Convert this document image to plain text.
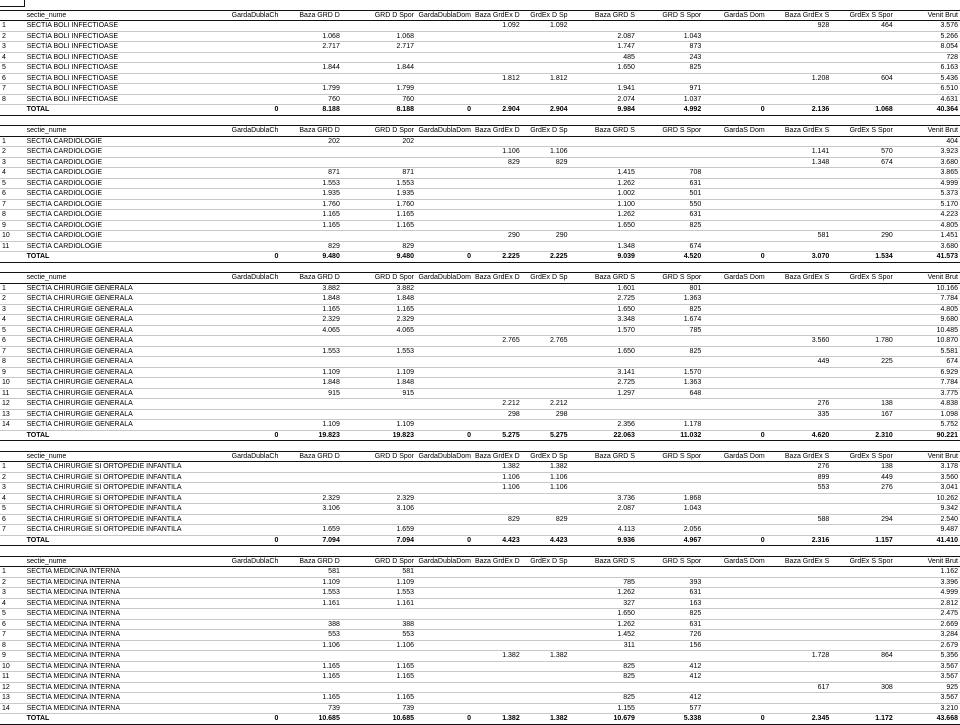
	sectie_nume	GardaDublaCh	Baza GRD D	GRD D Spor	GardaDublaDom	Baza GrdEx D	GrdEx D Sp	Baza GRD S	GRD S Spor	GardaS Dom	Baza GrdEx S	GrdEx S Spor	Venit Brut
1	SECTIA BOLI INFECTIOASE					1.092	1.092				928	464	3.576
2	SECTIA BOLI INFECTIOASE		1.068	1.068				2.087	1.043				5.266
3	SECTIA BOLI INFECTIOASE		2.717	2.717				1.747	873				8.054
4	SECTIA BOLI INFECTIOASE							485	243				728
5	SECTIA BOLI INFECTIOASE		1.844	1.844				1.650	825				6.163
6	SECTIA BOLI INFECTIOASE					1.812	1.812				1.208	604	5.436
7	SECTIA BOLI INFECTIOASE		1.799	1.799				1.941	971				6.510
8	SECTIA BOLI INFECTIOASE		760	760				2.074	1.037				4.631
	TOTAL	0	8.188	8.188	0	2.904	2.904	9.984	4.992	0	2.136	1.068	40.364

	sectie_nume	GardaDublaCh	Baza GRD D	GRD D Spor	GardaDublaDom	Baza GrdEx D	GrdEx D Sp	Baza GRD S	GRD S Spor	GardaS Dom	Baza GrdEx S	GrdEx S Spor	Venit Brut
1	SECTIA CARDIOLOGIE		202	202									404
2	SECTIA CARDIOLOGIE					1.106	1.106				1.141	570	3.923
3	SECTIA CARDIOLOGIE					829	829				1.348	674	3.680
4	SECTIA CARDIOLOGIE		871	871				1.415	708				3.865
5	SECTIA CARDIOLOGIE		1.553	1.553				1.262	631				4.999
6	SECTIA CARDIOLOGIE		1.935	1.935				1.002	501				5.373
7	SECTIA CARDIOLOGIE		1.760	1.760				1.100	550				5.170
8	SECTIA CARDIOLOGIE		1.165	1.165				1.262	631				4.223
9	SECTIA CARDIOLOGIE		1.165	1.165				1.650	825				4.805
10	SECTIA CARDIOLOGIE					290	290				581	290	1.451
11	SECTIA CARDIOLOGIE		829	829				1.348	674				3.680
	TOTAL	0	9.480	9.480	0	2.225	2.225	9.039	4.520	0	3.070	1.534	41.573

	sectie_nume	GardaDublaCh	Baza GRD D	GRD D Spor	GardaDublaDom	Baza GrdEx D	GrdEx D Sp	Baza GRD S	GRD S Spor	GardaS Dom	Baza GrdEx S	GrdEx S Spor	Venit Brut
1	SECTIA CHIRURGIE GENERALA		3.882	3.882				1.601	801				10.166
2	SECTIA CHIRURGIE GENERALA		1.848	1.848				2.725	1.363				7.784
3	SECTIA CHIRURGIE GENERALA		1.165	1.165				1.650	825				4.805
4	SECTIA CHIRURGIE GENERALA		2.329	2.329				3.348	1.674				9.680
5	SECTIA CHIRURGIE GENERALA		4.065	4.065				1.570	785				10.485
6	SECTIA CHIRURGIE GENERALA					2.765	2.765				3.560	1.780	10.870
7	SECTIA CHIRURGIE GENERALA		1.553	1.553				1.650	825				5.581
8	SECTIA CHIRURGIE GENERALA										449	225	674
9	SECTIA CHIRURGIE GENERALA		1.109	1.109				3.141	1.570				6.929
10	SECTIA CHIRURGIE GENERALA		1.848	1.848				2.725	1.363				7.784
11	SECTIA CHIRURGIE GENERALA		915	915				1.297	648				3.775
12	SECTIA CHIRURGIE GENERALA					2.212	2.212				276	138	4.838
13	SECTIA CHIRURGIE GENERALA					298	298				335	167	1.098
14	SECTIA CHIRURGIE GENERALA		1.109	1.109				2.356	1.178				5.752
	TOTAL	0	19.823	19.823	0	5.275	5.275	22.063	11.032	0	4.620	2.310	90.221

	sectie_nume	GardaDublaCh	Baza GRD D	GRD D Spor	GardaDublaDom	Baza GrdEx D	GrdEx D Sp	Baza GRD S	GRD S Spor	GardaS Dom	Baza GrdEx S	GrdEx S Spor	Venit Brut
1	SECTIA CHIRURGIE SI ORTOPEDIE INFANTILA					1.382	1.382				276	138	3.178
2	SECTIA CHIRURGIE SI ORTOPEDIE INFANTILA					1.106	1.106				899	449	3.560
3	SECTIA CHIRURGIE SI ORTOPEDIE INFANTILA					1.106	1.106				553	276	3.041
4	SECTIA CHIRURGIE SI ORTOPEDIE INFANTILA		2.329	2.329				3.736	1.868				10.262
5	SECTIA CHIRURGIE SI ORTOPEDIE INFANTILA		3.106	3.106				2.087	1.043				9.342
6	SECTIA CHIRURGIE SI ORTOPEDIE INFANTILA					829	829				588	294	2.540
7	SECTIA CHIRURGIE SI ORTOPEDIE INFANTILA		1.659	1.659				4.113	2.056				9.487
	TOTAL	0	7.094	7.094	0	4.423	4.423	9.936	4.967	0	2.316	1.157	41.410

	sectie_nume	GardaDublaCh	Baza GRD D	GRD D Spor	GardaDublaDom	Baza GrdEx D	GrdEx D Sp	Baza GRD S	GRD S Spor	GardaS Dom	Baza GrdEx S	GrdEx S Spor	Venit Brut
1	SECTIA MEDICINA INTERNA		581	581									1.162
2	SECTIA MEDICINA INTERNA		1.109	1.109				785	393				3.396
3	SECTIA MEDICINA INTERNA		1.553	1.553				1.262	631				4.999
4	SECTIA MEDICINA INTERNA		1.161	1.161				327	163				2.812
5	SECTIA MEDICINA INTERNA							1.650	825				2.475
6	SECTIA MEDICINA INTERNA		388	388				1.262	631				2.669
7	SECTIA MEDICINA INTERNA		553	553				1.452	726				3.284
8	SECTIA MEDICINA INTERNA		1.106	1.106				311	156				2.679
9	SECTIA MEDICINA INTERNA					1.382	1.382				1.728	864	5.356
10	SECTIA MEDICINA INTERNA		1.165	1.165				825	412				3.567
11	SECTIA MEDICINA INTERNA		1.165	1.165				825	412				3.567
12	SECTIA MEDICINA INTERNA										617	308	925
13	SECTIA MEDICINA INTERNA		1.165	1.165				825	412				3.567
14	SECTIA MEDICINA INTERNA		739	739				1.155	577				3.210
	TOTAL	0	10.685	10.685	0	1.382	1.382	10.679	5.338	0	2.345	1.172	43.668
